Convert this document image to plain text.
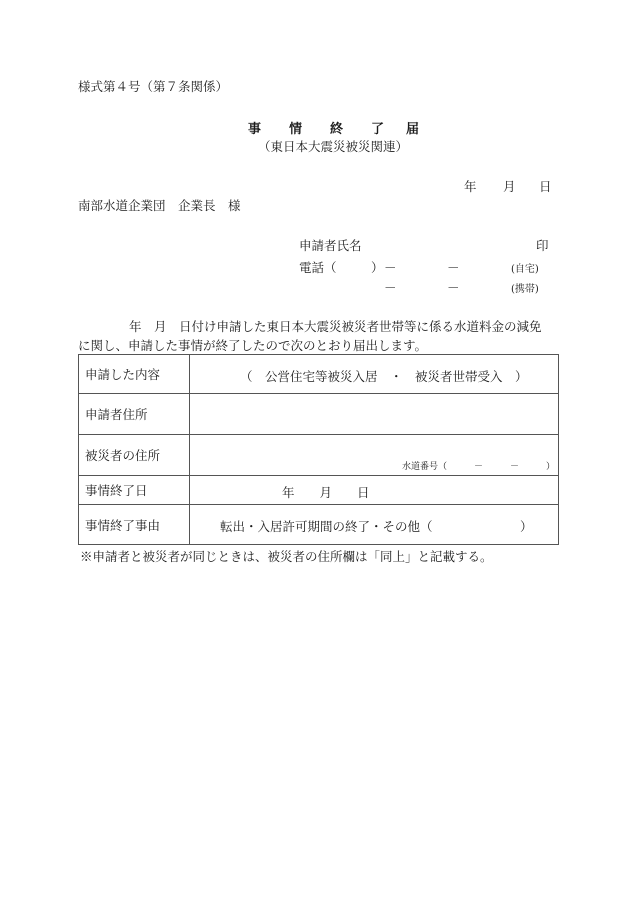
様式第４号（第７条関係）
事 情 終 了 届
（東日本大震災被災関連）
年 月 日
南部水道企業団　企業長　様
申請者氏名	印
電話（	） －	－	(自宅)
－	－	(携帯)
年　月　日付け申請した東日本大震災被災者世帯等に係る水道料金の減免
に関し、申請した事情が終了したので次のとおり届出します。
申請した内容	（　公営住宅等被災入居　・　被災者世帯受入　）

申請者住所	
被災者の住所	水道番号（　　　－　　　－　　　）

事情終了日	年　　月　　日

事情終了事由	転出・入居許可期間の終了・その他（　　　　　　　）
※申請者と被災者が同じときは、被災者の住所欄は「同上」と記載する。
